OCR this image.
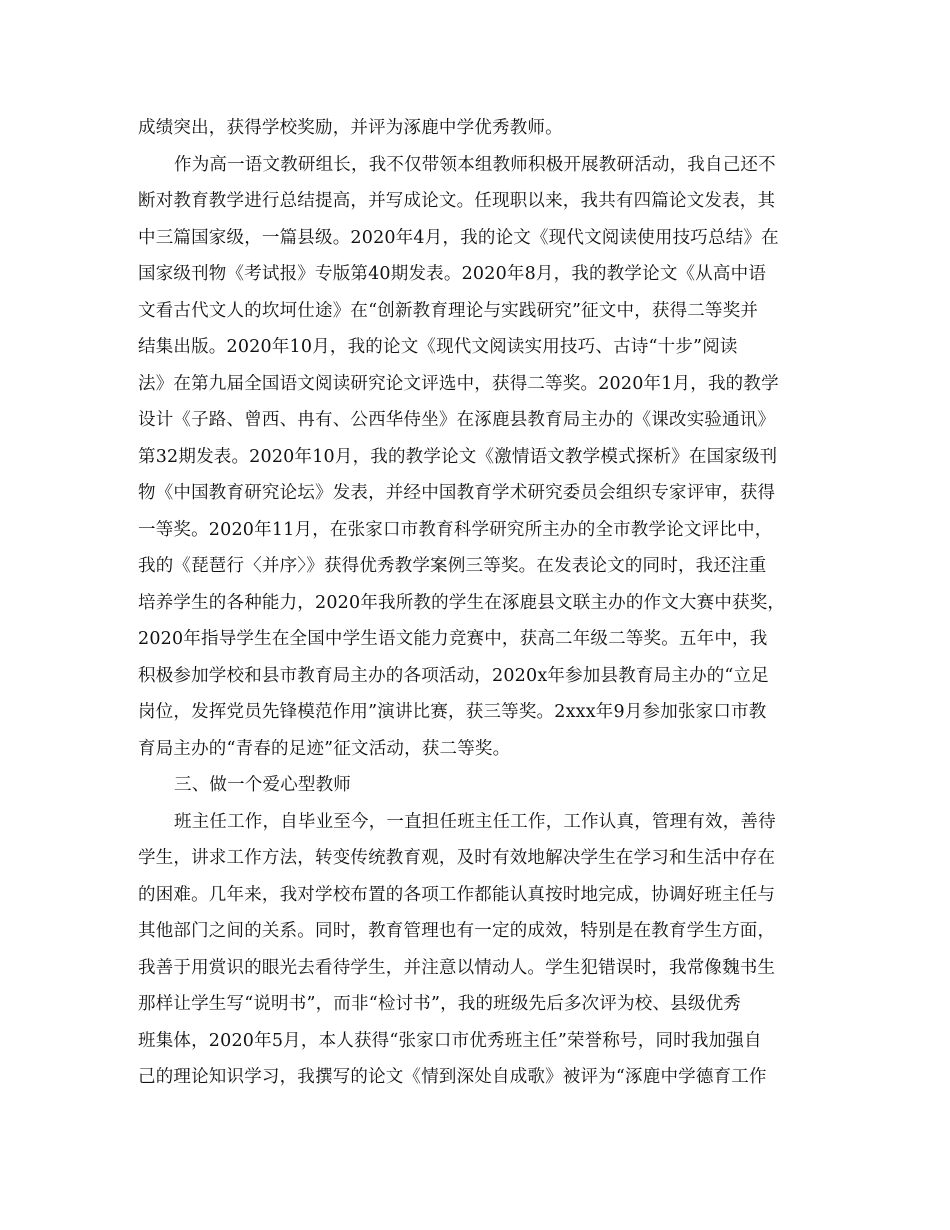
成绩突出，获得学校奖励，并评为涿鹿中学优秀教师。
作为高一语文教研组长，我不仅带领本组教师积极开展教研活动，我自己还不
断对教育教学进行总结提高，并写成论文。任现职以来，我共有四篇论文发表，其
中三篇国家级，一篇县级。2020年4月，我的论文《现代文阅读使用技巧总结》在
国家级刊物《考试报》专版第40期发表。2020年8月，我的教学论文《从高中语
文看古代文人的坎坷仕途》在“创新教育理论与实践研究”征文中，获得二等奖并
结集出版。2020年10月，我的论文《现代文阅读实用技巧、古诗“十步”阅读
法》在第九届全国语文阅读研究论文评选中，获得二等奖。2020年1月，我的教学
设计《子路、曾西、冉有、公西华侍坐》在涿鹿县教育局主办的《课改实验通讯》
第32期发表。2020年10月，我的教学论文《激情语文教学模式探析》在国家级刊
物《中国教育研究论坛》发表，并经中国教育学术研究委员会组织专家评审，获得
一等奖。2020年11月，在张家口市教育科学研究所主办的全市教学论文评比中，
我的《琵琶行〈并序〉》获得优秀教学案例三等奖。在发表论文的同时，我还注重
培养学生的各种能力，2020年我所教的学生在涿鹿县文联主办的作文大赛中获奖，
2020年指导学生在全国中学生语文能力竞赛中，获高二年级二等奖。五年中，我
积极参加学校和县市教育局主办的各项活动，2020x年参加县教育局主办的“立足
岗位，发挥党员先锋模范作用”演讲比赛，获三等奖。2xxx年9月参加张家口市教
育局主办的“青春的足迹”征文活动，获二等奖。
三、做一个爱心型教师
班主任工作，自毕业至今，一直担任班主任工作，工作认真，管理有效，善待
学生，讲求工作方法，转变传统教育观，及时有效地解决学生在学习和生活中存在
的困难。几年来，我对学校布置的各项工作都能认真按时地完成，协调好班主任与
其他部门之间的关系。同时，教育管理也有一定的成效，特别是在教育学生方面，
我善于用赏识的眼光去看待学生，并注意以情动人。学生犯错误时，我常像魏书生
那样让学生写“说明书”，而非“检讨书”，我的班级先后多次评为校、县级优秀
班集体，2020年5月，本人获得“张家口市优秀班主任”荣誉称号，同时我加强自
己的理论知识学习，我撰写的论文《情到深处自成歌》被评为“涿鹿中学德育工作
